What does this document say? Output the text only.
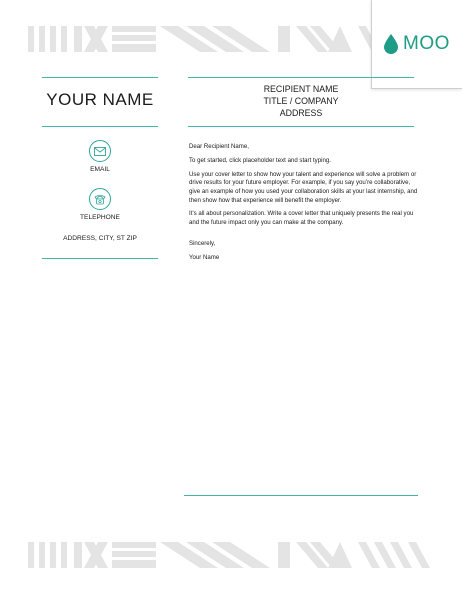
MOO
YOUR NAME
EMAIL
TELEPHONE
ADDRESS, CITY, ST ZIP
RECIPIENT NAME
TITLE / COMPANY
ADDRESS

Dear Recipient Name,

To get started, click placeholder text and start typing.

Use your cover letter to show how your talent and experience will solve a problem or drive results for your future employer. For example, if you say you’re collaborative, give an example of how you used your collaboration skills at your last internship, and then show how that experience will benefit the employer.

It’s all about personalization. Write a cover letter that uniquely presents the real you and the future impact only you can make at the company.

Sincerely,

Your Name
